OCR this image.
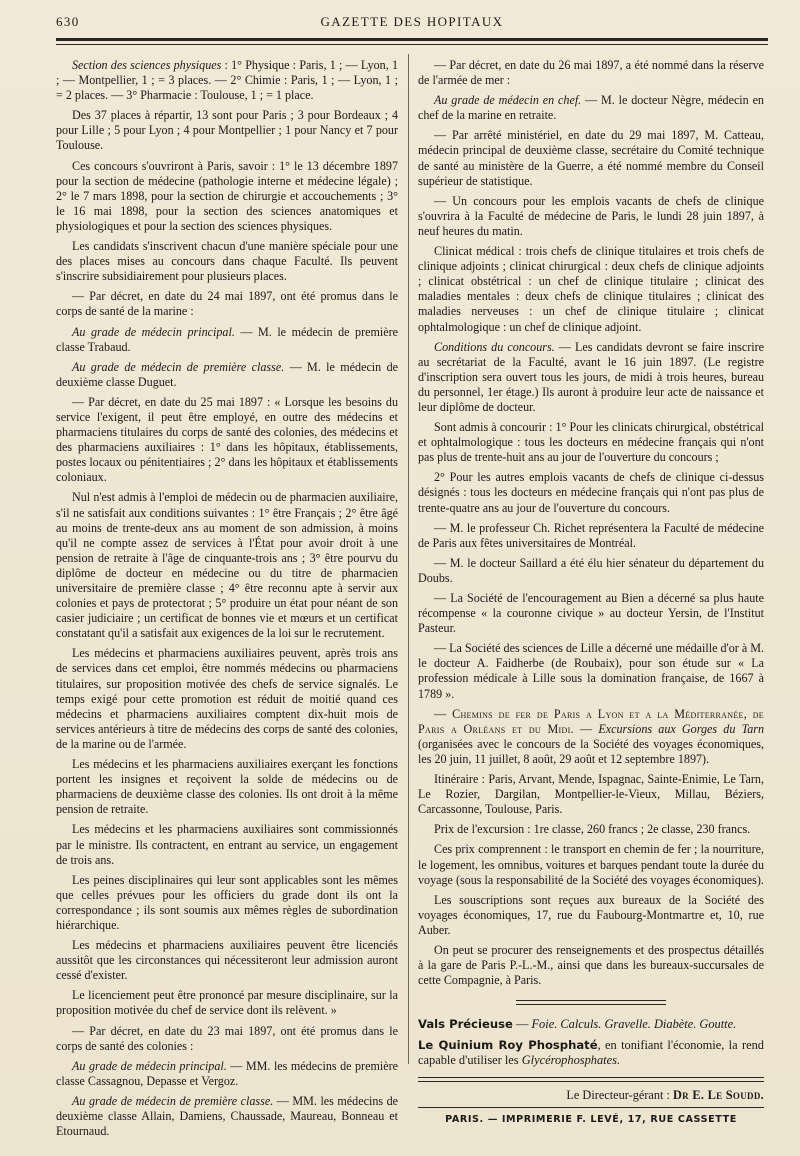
630	GAZETTE DES HOPITAUX

Section des sciences physiques : 1° Physique : Paris, 1 ; — Lyon, 1 ; — Montpellier, 1 ; = 3 places. — 2° Chimie : Paris, 1 ; — Lyon, 1 ; = 2 places. — 3° Pharmacie : Toulouse, 1 ; = 1 place.

Des 37 places à répartir, 13 sont pour Paris ; 3 pour Bordeaux ; 4 pour Lille ; 5 pour Lyon ; 4 pour Montpellier ; 1 pour Nancy et 7 pour Toulouse.

Ces concours s'ouvriront à Paris, savoir : 1° le 13 décembre 1897 pour la section de médecine (pathologie interne et médecine légale) ; 2° le 7 mars 1898, pour la section de chirurgie et accouchements ; 3° le 16 mai 1898, pour la section des sciences anatomiques et physiologiques et pour la section des sciences physiques.

Les candidats s'inscrivent chacun d'une manière spéciale pour une des places mises au concours dans chaque Faculté. Ils peuvent s'inscrire subsidiairement pour plusieurs places.

— Par décret, en date du 24 mai 1897, ont été promus dans le corps de santé de la marine :

Au grade de médecin principal. — M. le médecin de première classe Trabaud.

Au grade de médecin de première classe. — M. le médecin de deuxième classe Duguet.

— Par décret, en date du 25 mai 1897 : « Lorsque les besoins du service l'exigent, il peut être employé, en outre des médecins et pharmaciens titulaires du corps de santé des colonies, des médecins et des pharmaciens auxiliaires : 1° dans les hôpitaux, établissements, postes locaux ou pénitentiaires ; 2° dans les hôpitaux et établissements coloniaux.

Nul n'est admis à l'emploi de médecin ou de pharmacien auxiliaire, s'il ne satisfait aux conditions suivantes : 1° être Français ; 2° être âgé au moins de trente-deux ans au moment de son admission, à moins qu'il ne compte assez de services à l'État pour avoir droit à une pension de retraite à l'âge de cinquante-trois ans ; 3° être pourvu du diplôme de docteur en médecine ou du titre de pharmacien universitaire de première classe ; 4° être reconnu apte à servir aux colonies et pays de protectorat ; 5° produire un état pour néant de son casier judiciaire ; un certificat de bonnes vie et mœurs et un certificat constatant qu'il a satisfait aux exigences de la loi sur le recrutement.

Les médecins et pharmaciens auxiliaires peuvent, après trois ans de services dans cet emploi, être nommés médecins ou pharmaciens titulaires, sur proposition motivée des chefs de service signalés. Le temps exigé pour cette promotion est réduit de moitié quand ces médecins et pharmaciens auxiliaires comptent dix-huit mois de services antérieurs à titre de médecins des corps de santé des colonies, de la marine ou de l'armée.

Les médecins et les pharmaciens auxiliaires exerçant les fonctions portent les insignes et reçoivent la solde de médecins ou de pharmaciens de deuxième classe des colonies. Ils ont droit à la même pension de retraite.

Les médecins et les pharmaciens auxiliaires sont commissionnés par le ministre. Ils contractent, en entrant au service, un engagement de trois ans.

Les peines disciplinaires qui leur sont applicables sont les mêmes que celles prévues pour les officiers du grade dont ils ont la correspondance ; ils sont soumis aux mêmes règles de subordination hiérarchique.

Les médecins et pharmaciens auxiliaires peuvent être licenciés aussitôt que les circonstances qui nécessiteront leur admission auront cessé d'exister.

Le licenciement peut être prononcé par mesure disciplinaire, sur la proposition motivée du chef de service dont ils relèvent. »

— Par décret, en date du 23 mai 1897, ont été promus dans le corps de santé des colonies :

Au grade de médecin principal. — MM. les médecins de première classe Cassagnou, Depasse et Vergoz.

Au grade de médecin de première classe. — MM. les médecins de deuxième classe Allain, Damiens, Chaussade, Maureau, Bonneau et Etournaud.

— Par décret, en date du 26 mai 1897, a été nommé dans la réserve de l'armée de mer :

Au grade de médecin en chef. — M. le docteur Nègre, médecin en chef de la marine en retraite.

— Par arrêté ministériel, en date du 29 mai 1897, M. Catteau, médecin principal de deuxième classe, secrétaire du Comité technique de santé au ministère de la Guerre, a été nommé membre du Conseil supérieur de statistique.

— Un concours pour les emplois vacants de chefs de clinique s'ouvrira à la Faculté de médecine de Paris, le lundi 28 juin 1897, à neuf heures du matin.

Clinicat médical : trois chefs de clinique titulaires et trois chefs de clinique adjoints ; clinicat chirurgical : deux chefs de clinique adjoints ; clinicat obstétrical : un chef de clinique titulaire ; clinicat des maladies mentales : deux chefs de clinique titulaires ; clinicat des maladies nerveuses : un chef de clinique titulaire ; clinicat ophtalmologique : un chef de clinique adjoint.

Conditions du concours. — Les candidats devront se faire inscrire au secrétariat de la Faculté, avant le 16 juin 1897. (Le registre d'inscription sera ouvert tous les jours, de midi à trois heures, bureau du personnel, 1er étage.) Ils auront à produire leur acte de naissance et leur diplôme de docteur.

Sont admis à concourir : 1° Pour les clinicats chirurgical, obstétrical et ophtalmologique : tous les docteurs en médecine français qui n'ont pas plus de trente-huit ans au jour de l'ouverture du concours ;

2° Pour les autres emplois vacants de chefs de clinique ci-dessus désignés : tous les docteurs en médecine français qui n'ont pas plus de trente-quatre ans au jour de l'ouverture du concours.

— M. le professeur Ch. Richet représentera la Faculté de médecine de Paris aux fêtes universitaires de Montréal.

— M. le docteur Saillard a été élu hier sénateur du département du Doubs.

— La Société de l'encouragement au Bien a décerné sa plus haute récompense « la couronne civique » au docteur Yersin, de l'Institut Pasteur.

— La Société des sciences de Lille a décerné une médaille d'or à M. le docteur A. Faidherbe (de Roubaix), pour son étude sur « La profession médicale à Lille sous la domination française, de 1667 à 1789 ».

— Chemins de fer de Paris a Lyon et a la Méditerranée, de Paris a Orléans et du Midi. — Excursions aux Gorges du Tarn (organisées avec le concours de la Société des voyages économiques, les 20 juin, 11 juillet, 8 août, 29 août et 12 septembre 1897).

Itinéraire : Paris, Arvant, Mende, Ispagnac, Sainte-Enimie, Le Tarn, Le Rozier, Dargilan, Montpellier-le-Vieux, Millau, Béziers, Carcassonne, Toulouse, Paris.

Prix de l'excursion : 1re classe, 260 francs ; 2e classe, 230 francs.

Ces prix comprennent : le transport en chemin de fer ; la nourriture, le logement, les omnibus, voitures et barques pendant toute la durée du voyage (sous la responsabilité de la Société des voyages économiques).

Les souscriptions sont reçues aux bureaux de la Société des voyages économiques, 17, rue du Faubourg-Montmartre et, 10, rue Auber.

On peut se procurer des renseignements et des prospectus détaillés à la gare de Paris P.-L.-M., ainsi que dans les bureaux-succursales de cette Compagnie, à Paris.

Vals Précieuse — Foie. Calculs. Gravelle. Diabète. Goutte.

Le Quinium Roy Phosphaté, en tonifiant l'économie, la rend capable d'utiliser les Glycérophosphates.

Le Directeur-gérant : Dr E. Le Soudd.
PARIS. — IMPRIMERIE F. LEVÉ, 17, RUE CASSETTE
